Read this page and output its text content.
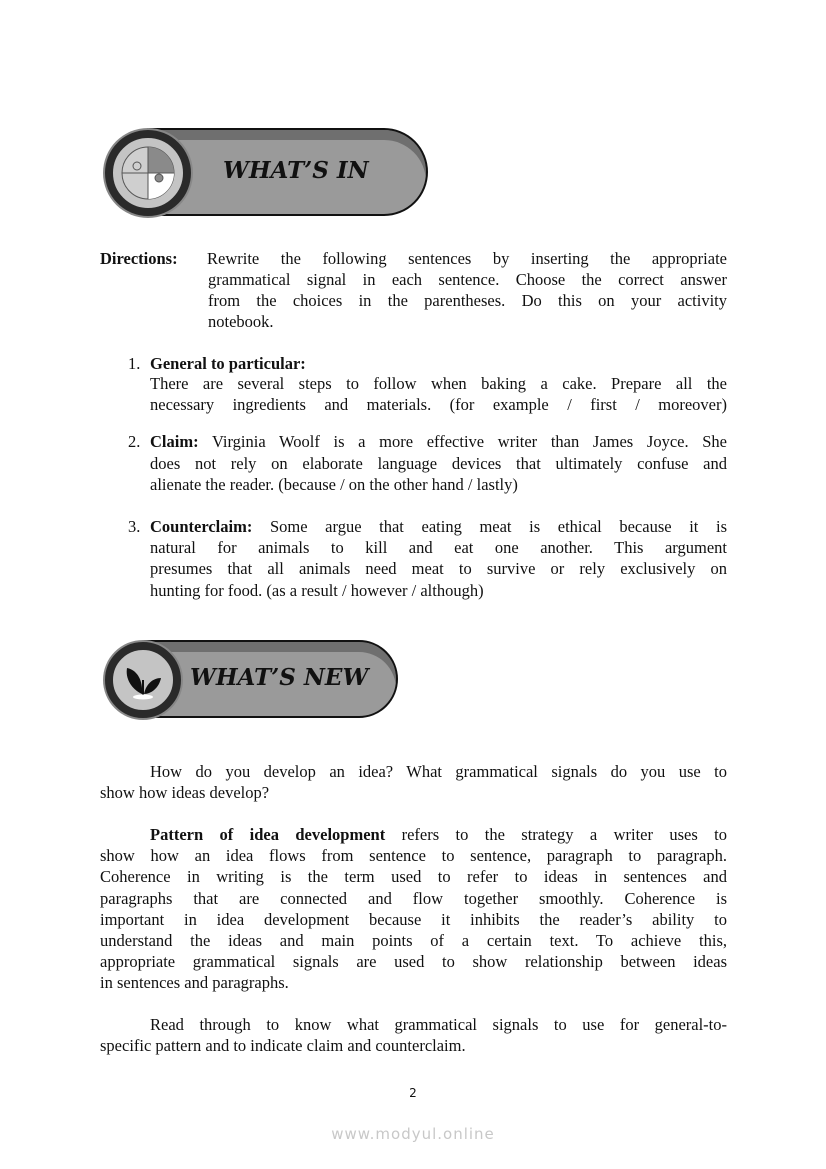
WHAT’S IN
Directions: Rewrite the following sentences by inserting the appropriate
grammatical signal in each sentence. Choose the correct answer
from the choices in the parentheses. Do this on your activity
notebook.
1. General to particular:
There are several steps to follow when baking a cake. Prepare all the
necessary ingredients and materials. (for example / first / moreover)
2. Claim: Virginia Woolf is a more effective writer than James Joyce. She
does not rely on elaborate language devices that ultimately confuse and
alienate the reader. (because / on the other hand / lastly)
3. Counterclaim: Some argue that eating meat is ethical because it is
natural for animals to kill and eat one another. This argument
presumes that all animals need meat to survive or rely exclusively on
hunting for food. (as a result / however / although)
WHAT’S NEW
How do you develop an idea? What grammatical signals do you use to
show how ideas develop?
Pattern of idea development refers to the strategy a writer uses to
show how an idea flows from sentence to sentence, paragraph to paragraph.
Coherence in writing is the term used to refer to ideas in sentences and
paragraphs that are connected and flow together smoothly. Coherence is
important in idea development because it inhibits the reader’s ability to
understand the ideas and main points of a certain text. To achieve this,
appropriate grammatical signals are used to show relationship between ideas
in sentences and paragraphs.
Read through to know what grammatical signals to use for general-to-
specific pattern and to indicate claim and counterclaim.
2
www.modyul.online
